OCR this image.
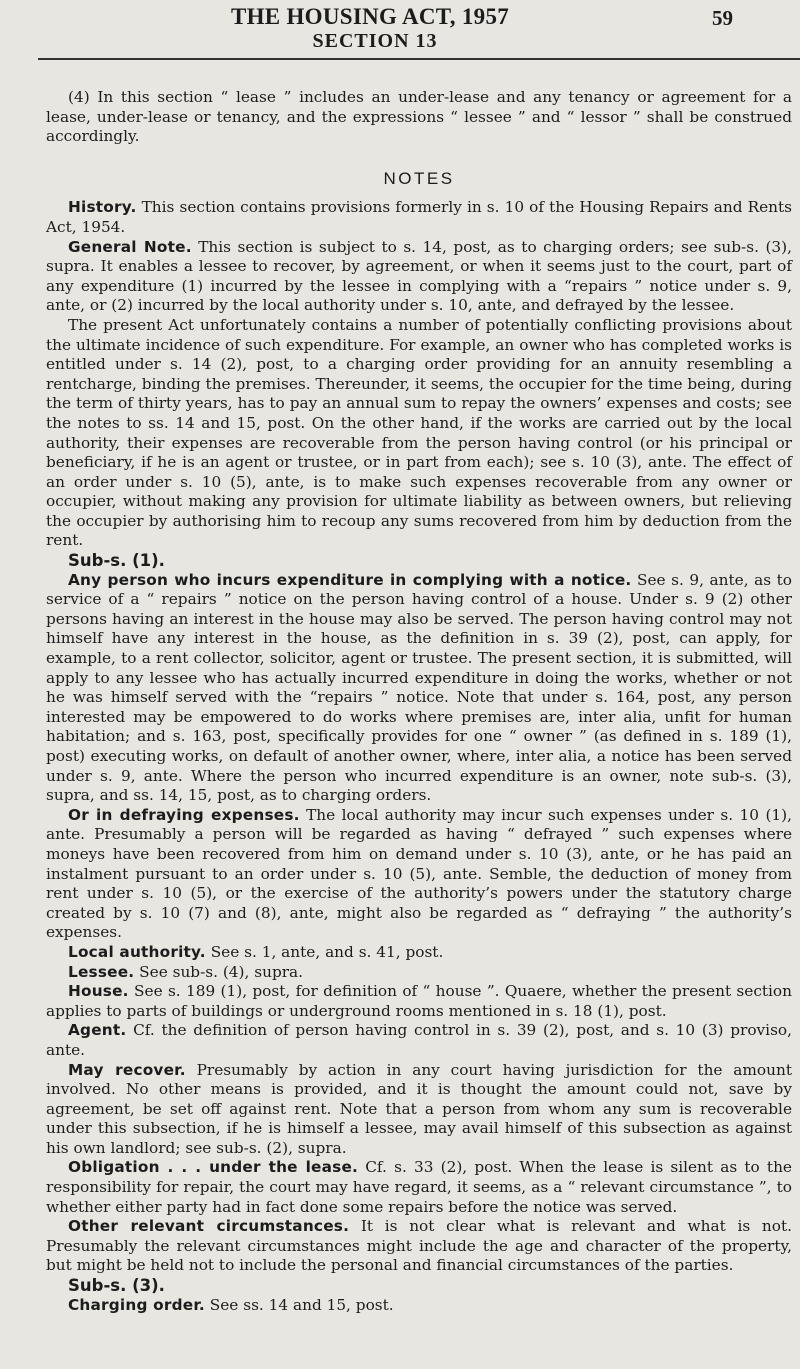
THE HOUSING ACT, 1957	59
SECTION 13

(4) In this section “ lease ” includes an under-lease and any tenancy or agreement for a lease, under-lease or tenancy, and the expressions “ lessee ” and “ lessor ” shall be construed accordingly.

NOTES

History. This section contains provisions formerly in s. 10 of the Housing Repairs and Rents Act, 1954.

General Note. This section is subject to s. 14, post, as to charging orders; see sub-s. (3), supra. It enables a lessee to recover, by agreement, or when it seems just to the court, part of any expenditure (1) incurred by the lessee in complying with a “repairs ” notice under s. 9, ante, or (2) incurred by the local authority under s. 10, ante, and defrayed by the lessee.

The present Act unfortunately contains a number of potentially conflicting provisions about the ultimate incidence of such expenditure. For example, an owner who has completed works is entitled under s. 14 (2), post, to a charging order providing for an annuity resembling a rentcharge, binding the premises. Thereunder, it seems, the occupier for the time being, during the term of thirty years, has to pay an annual sum to repay the owners’ expenses and costs; see the notes to ss. 14 and 15, post. On the other hand, if the works are carried out by the local authority, their expenses are recoverable from the person having control (or his principal or beneficiary, if he is an agent or trustee, or in part from each); see s. 10 (3), ante. The effect of an order under s. 10 (5), ante, is to make such expenses recoverable from any owner or occupier, without making any provision for ultimate liability as between owners, but relieving the occupier by authorising him to recoup any sums recovered from him by deduction from the rent.

Sub-s. (1).

Any person who incurs expenditure in complying with a notice. See s. 9, ante, as to service of a “ repairs ” notice on the person having control of a house. Under s. 9 (2) other persons having an interest in the house may also be served. The person having control may not himself have any interest in the house, as the definition in s. 39 (2), post, can apply, for example, to a rent collector, solicitor, agent or trustee. The present section, it is submitted, will apply to any lessee who has actually incurred expenditure in doing the works, whether or not he was himself served with the “repairs ” notice. Note that under s. 164, post, any person interested may be empowered to do works where premises are, inter alia, unfit for human habitation; and s. 163, post, specifically provides for one “ owner ” (as defined in s. 189 (1), post) executing works, on default of another owner, where, inter alia, a notice has been served under s. 9, ante. Where the person who incurred expenditure is an owner, note sub-s. (3), supra, and ss. 14, 15, post, as to charging orders.

Or in defraying expenses. The local authority may incur such expenses under s. 10 (1), ante. Presumably a person will be regarded as having “ defrayed ” such expenses where moneys have been recovered from him on demand under s. 10 (3), ante, or he has paid an instalment pursuant to an order under s. 10 (5), ante. Semble, the deduction of money from rent under s. 10 (5), or the exercise of the authority’s powers under the statutory charge created by s. 10 (7) and (8), ante, might also be regarded as “ defraying ” the authority’s expenses.

Local authority. See s. 1, ante, and s. 41, post.

Lessee. See sub-s. (4), supra.

House. See s. 189 (1), post, for definition of “ house ”. Quaere, whether the present section applies to parts of buildings or underground rooms mentioned in s. 18 (1), post.

Agent. Cf. the definition of person having control in s. 39 (2), post, and s. 10 (3) proviso, ante.

May recover. Presumably by action in any court having jurisdiction for the amount involved. No other means is provided, and it is thought the amount could not, save by agreement, be set off against rent. Note that a person from whom any sum is recoverable under this subsection, if he is himself a lessee, may avail himself of this subsection as against his own landlord; see sub-s. (2), supra.

Obligation . . . under the lease. Cf. s. 33 (2), post. When the lease is silent as to the responsibility for repair, the court may have regard, it seems, as a “ relevant circumstance ”, to whether either party had in fact done some repairs before the notice was served.

Other relevant circumstances. It is not clear what is relevant and what is not. Presumably the relevant circumstances might include the age and character of the property, but might be held not to include the personal and financial circumstances of the parties.

Sub-s. (3).

Charging order. See ss. 14 and 15, post.
